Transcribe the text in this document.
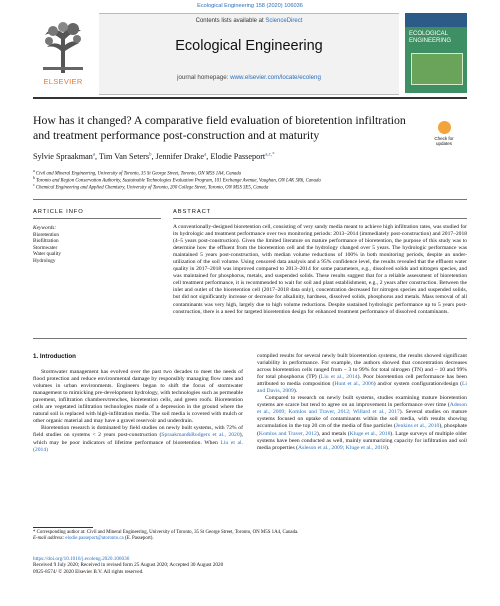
Ecological Engineering 158 (2020) 106036
ELSEVIER
Contents lists available at ScienceDirect
Ecological Engineering
journal homepage: www.elsevier.com/locate/ecoleng
ECOLOGICAL ENGINEERING
How has it changed? A comparative field evaluation of bioretention infiltration and treatment performance post-construction and at maturity	Check for updates
Sylvie Spraakman$^a$, Tim Van Seters$^b$, Jennifer Drake$^a$, Elodie Passeport$^{a,c,*}$
$^a$ Civil and Mineral Engineering, University of Toronto, 35 St George Street, Toronto, ON M5S 1A4, Canada
$^b$ Toronto and Region Conservation Authority, Sustainable Technologies Evaluation Program, 101 Exchange Avenue, Vaughan, ON L4K 5R6, Canada
$^c$ Chemical Engineering and Applied Chemistry, University of Toronto, 200 College Street, Toronto, ON M5S 3E5, Canada
ARTICLE INFO	ABSTRACT
Keywords:
Bioretention
Biofiltration
Stormwater
Water quality
Hydrology
A conventionally-designed bioretention cell, consisting of very sandy media meant to achieve high infiltration rates, was studied for its hydrologic and treatment performance over two monitoring periods: 2013–2014 (immediately post-construction) and 2017–2018 (4–5 years post-construction). Given the limited literature on mature performance of bioretention, the purpose of this study was to determine how the effluent from the bioretention cell and the hydrology changed over 5 years. The hydrologic performance was maintained 5 years post-construction, with median volume reductions of 100% in both monitoring periods, despite an under-utilization of the soil volume. Using censored data analysis and a 95% confidence level, the results revealed that the effluent water quality in 2017–2018 was improved compared to 2013–2014 for some parameters, e.g., dissolved solids and nitrogen species, and was maintained for phosphorus, metals, and suspended solids. These results suggest that for a reliable assessment of bioretention cell treatment performance, it is recommended to wait for soil and plant establishment, e.g., 2 years after construction. Between the inlet and outlet of the bioretention cell (2017–2018 data only), concentration decreased for nitrogen species and suspended solids, but did not significantly increase or decrease for alkalinity, hardness, dissolved solids, phosphorus and metals. Mass removal of all contaminants was very high, largely due to high volume reductions. Despite sustained hydrologic performance up to 5 years post-construction, there is a need for targeted bioretention design for enhanced treatment performance of dissolved contaminants.
1. Introduction

Stormwater management has evolved over the past two decades to meet the needs of flood protection and reduce environmental damage by responsibly managing flow rates and volumes in urban environments. Engineers began to shift the focus of stormwater management to mimicking pre-development hydrology, with technologies such as permeable pavement, infiltration chambers/trenches, bioretention cells, and green roofs. Bioretention cells are vegetated infiltration technologies made of a depression in the ground where the natural soil is replaced with high-infiltration media. The soil media is covered with mulch or other organic material and may have a gravel reservoir and underdrain.

Bioretention research is dominated by field studies on newly built systems, with 72% of field studies on systems < 2 years post-construction (Spraakman&Rodgers et al., 2020), which may be poor indicators of lifetime performance of bioretention. When Liu et al. (2014)

compiled results for several newly built bioretention systems, the results showed significant variability in performance. For example, the authors showed that concentration decreases across bioretention cells ranged from − 3 to 99% for total nitrogen (TN) and − 10 and 99% for total phosphorus (TP) (Liu et al., 2014). Poor bioretention cell performance has been attributed to media composition (Hunt et al., 2006) and/or system configuration/design (Li and Davis, 2009).

Compared to research on newly built systems, studies examining mature bioretention systems are scarce but tend to agree on an improvement in performance over time (Adeson et al., 2009; Komlos and Traver, 2012; Willard et al., 2017). Several studies on mature systems focused on uptake of contaminants within the soil media, with results showing accumulation in the top 20 cm of the media of fine particles (Jenkins et al., 2010), phosphate (Komlos and Traver, 2012), and metals (Kluge et al., 2018). Large surveys of multiple older systems have been conducted as well, mainly summarizing capacity for infiltration and soil media properties (Asleson et al., 2009; Kluge et al., 2018).

* Corresponding author at: Civil and Mineral Engineering, University of Toronto, 35 St George Street, Toronto, ON M5S 1A4, Canada.
E-mail address: elodie.passeport@utoronto.ca (E. Passeport).
https://doi.org/10.1016/j.ecoleng.2020.106036
Received 9 July 2020; Received in revised form 25 August 2020; Accepted 30 August 2020
0925-8574/ © 2020 Elsevier B.V. All rights reserved.
